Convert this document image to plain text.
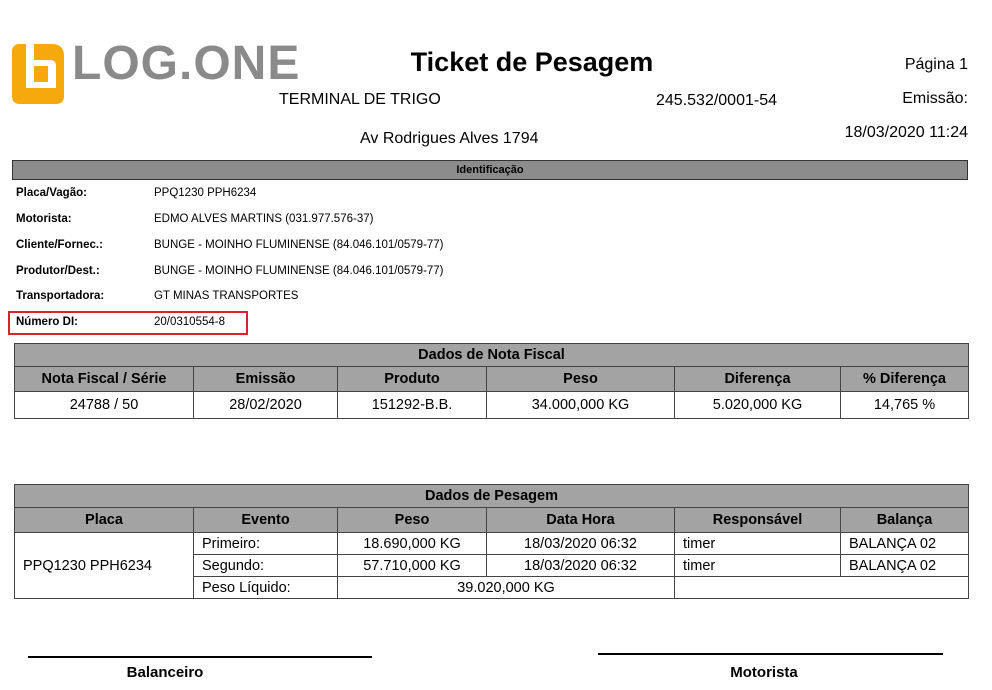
LOG.ONE	Ticket de Pesagem
TERMINAL DE TRIGO	245.532/0001-54
Av Rodrigues Alves 1794
Página 1
Emissão:
18/03/2020 11:24
Identificação
Placa/Vagão:	PPQ1230 PPH6234
Motorista:	EDMO ALVES MARTINS (031.977.576-37)
Cliente/Fornec.:	BUNGE - MOINHO FLUMINENSE (84.046.101/0579-77)
Produtor/Dest.:	BUNGE - MOINHO FLUMINENSE (84.046.101/0579-77)
Transportadora:	GT MINAS TRANSPORTES
Número DI:	20/0310554-8
Dados de Nota Fiscal					
Nota Fiscal / Série	Emissão	Produto	Peso	Diferença	% Diferença
24788 / 50	28/02/2020	151292-B.B.	34.000,000 KG	5.020,000 KG	14,765 %
Dados de Pesagem					
Placa	Evento	Peso	Data Hora	Responsável	Balança
PPQ1230 PPH6234	Primeiro:	18.690,000 KG	18/03/2020 06:32	timer	BALANÇA 02
	Segundo:	57.710,000 KG	18/03/2020 06:32	timer	BALANÇA 02
	Peso Líquido:	39.020,000 KG			
Balanceiro	Motorista
